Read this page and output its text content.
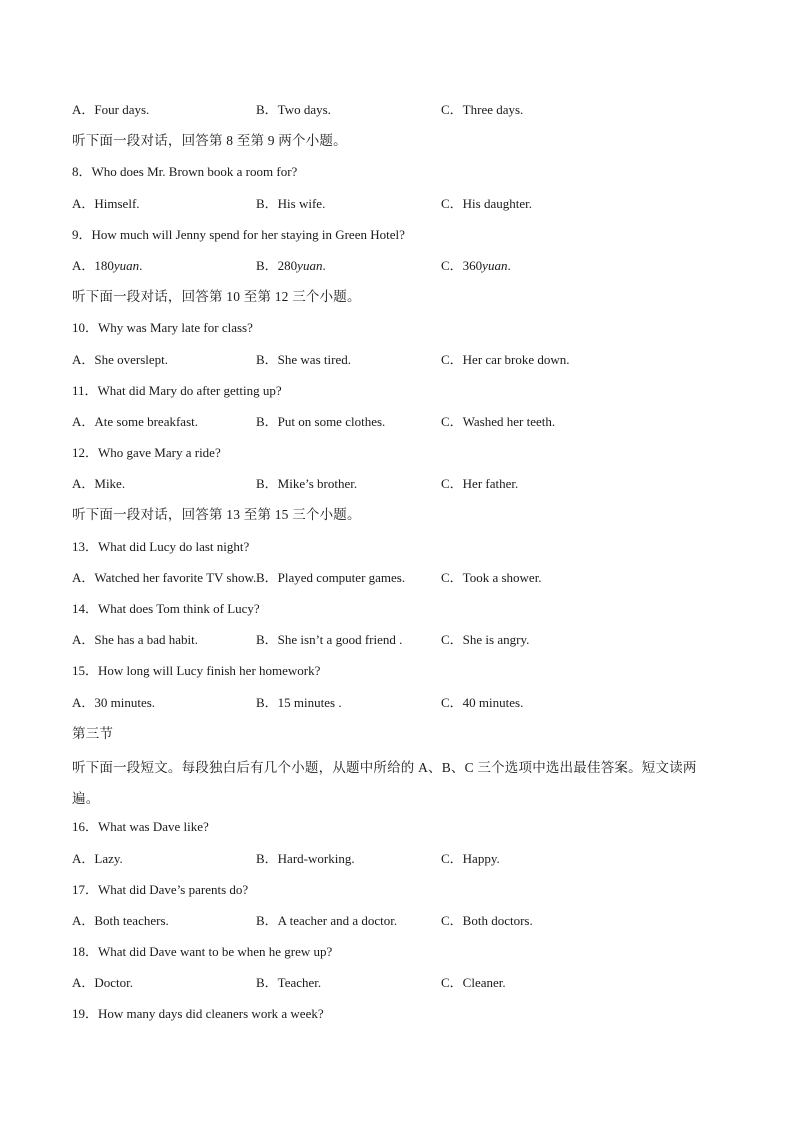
A．Four days.	B．Two days.	C．Three days.
听下面一段对话，回答第 8 至第 9 两个小题。
8．Who does Mr. Brown book a room for?
A．Himself.	B．His wife.	C．His daughter.
9．How much will Jenny spend for her staying in Green Hotel?
A．180yuan.	B．280yuan.	C．360yuan.
听下面一段对话，回答第 10 至第 12 三个小题。
10．Why was Mary late for class?
A．She overslept.	B．She was tired.	C．Her car broke down.
11．What did Mary do after getting up?
A．Ate some breakfast.	B．Put on some clothes.	C．Washed her teeth.
12．Who gave Mary a ride?
A．Mike.	B．Mike’s brother.	C．Her father.
听下面一段对话，回答第 13 至第 15 三个小题。
13．What did Lucy do last night?
A．Watched her favorite TV show. B．Played computer games.	C．Took a shower.
14．What does Tom think of Lucy?
A．She has a bad habit.	B．She isn’t a good friend .	C．She is angry.
15．How long will Lucy finish her homework?
A．30 minutes.	B．15 minutes .	C．40 minutes.
第三节
听下面一段短文。每段独白后有几个小题，从题中所给的 A、B、C 三个选项中选出最佳答案。短文读两遍。
16．What was Dave like?
A．Lazy.	B．Hard-working.	C．Happy.
17．What did Dave’s parents do?
A．Both teachers.	B．A teacher and a doctor.	C．Both doctors.
18．What did Dave want to be when he grew up?
A．Doctor.	B．Teacher.	C．Cleaner.
19．How many days did cleaners work a week?
